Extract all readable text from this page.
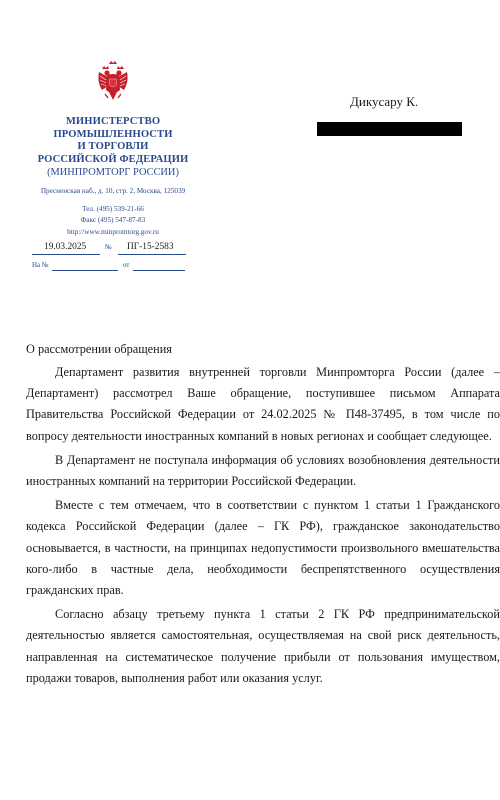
МИНИСТЕРСТВО
ПРОМЫШЛЕННОСТИ
И ТОРГОВЛИ
РОССИЙСКОЙ ФЕДЕРАЦИИ
(МИНПРОМТОРГ РОССИИ)
Пресненская наб., д. 10, стр. 2, Москва, 125039
Тел. (495) 539-21-66
Факс (495) 547-87-83
http://www.minpromtorg.gov.ru
19.03.2025	№ ПГ-15-2583
На №	от
Дикусару К.
О рассмотрении обращения

Департамент развития внутренней торговли Минпромторга России (далее – Департамент) рассмотрел Ваше обращение, поступившее письмом Аппарата Правительства Российской Федерации от 24.02.2025 № П48-37495, в том числе по вопросу деятельности иностранных компаний в новых регионах и сообщает следующее.

В Департамент не поступала информация об условиях возобновления деятельности иностранных компаний на территории Российской Федерации.

Вместе с тем отмечаем, что в соответствии с пунктом 1 статьи 1 Гражданского кодекса Российской Федерации (далее – ГК РФ), гражданское законодательство основывается, в частности, на принципах недопустимости произвольного вмешательства кого-либо в частные дела, необходимости беспрепятственного осуществления гражданских прав.

Согласно абзацу третьему пункта 1 статьи 2 ГК РФ предпринимательской деятельностью является самостоятельная, осуществляемая на свой риск деятельность, направленная на систематическое получение прибыли от пользования имуществом, продажи товаров, выполнения работ или оказания услуг.
